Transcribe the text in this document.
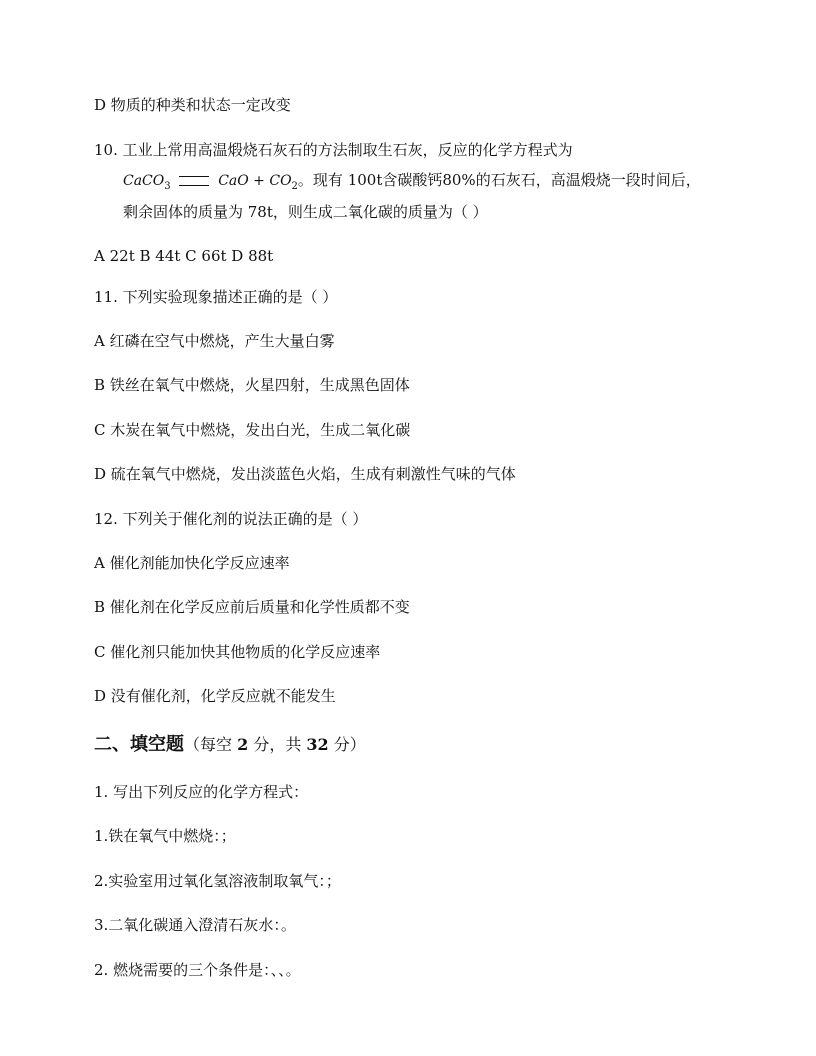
D 物质的种类和状态一定改变
10. 工业上常用高温煅烧石灰石的方法制取生石灰，反应的化学方程式为
CaCO$_3$	CaO + $CO_2$。现有 100t含碳酸钙80%的石灰石，高温煅烧一段时间后，
剩余固体的质量为 78t，则生成二氧化碳的质量为（ ）
A 22t B 44t C 66t D 88t
11. 下列实验现象描述正确的是（ ）
A 红磷在空气中燃烧，产生大量白雾
B 铁丝在氧气中燃烧，火星四射，生成黑色固体
C 木炭在氧气中燃烧，发出白光，生成二氧化碳
D 硫在氧气中燃烧，发出淡蓝色火焰，生成有刺激性气味的气体
12. 下列关于催化剂的说法正确的是（ ）
A 催化剂能加快化学反应速率
B 催化剂在化学反应前后质量和化学性质都不变
C 催化剂只能加快其他物质的化学反应速率
D 没有催化剂，化学反应就不能发生
二、填空题（每空 2 分，共 32 分）
1. 写出下列反应的化学方程式：
1.铁在氧气中燃烧：；
2.实验室用过氧化氢溶液制取氧气：；
3.二氧化碳通入澄清石灰水：。
2. 燃烧需要的三个条件是：、、。
